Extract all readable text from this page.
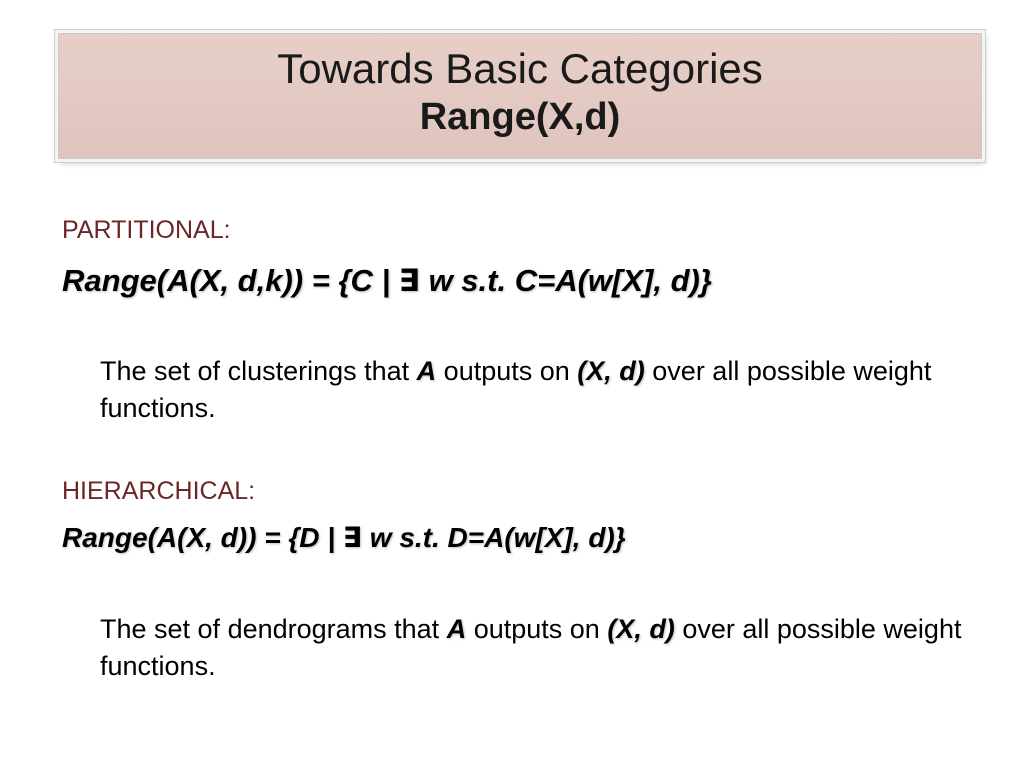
Towards Basic Categories
Range(X,d)
PARTITIONAL:
Range(A(X, d,k)) = {C | ∃ w s.t. C=A(w[X], d)}
The set of clusterings that A outputs on (X, d) over all possible weight functions.
HIERARCHICAL:
Range(A(X, d)) = {D | ∃ w s.t. D=A(w[X], d)}
The set of dendrograms that A outputs on (X, d) over all possible weight functions.
